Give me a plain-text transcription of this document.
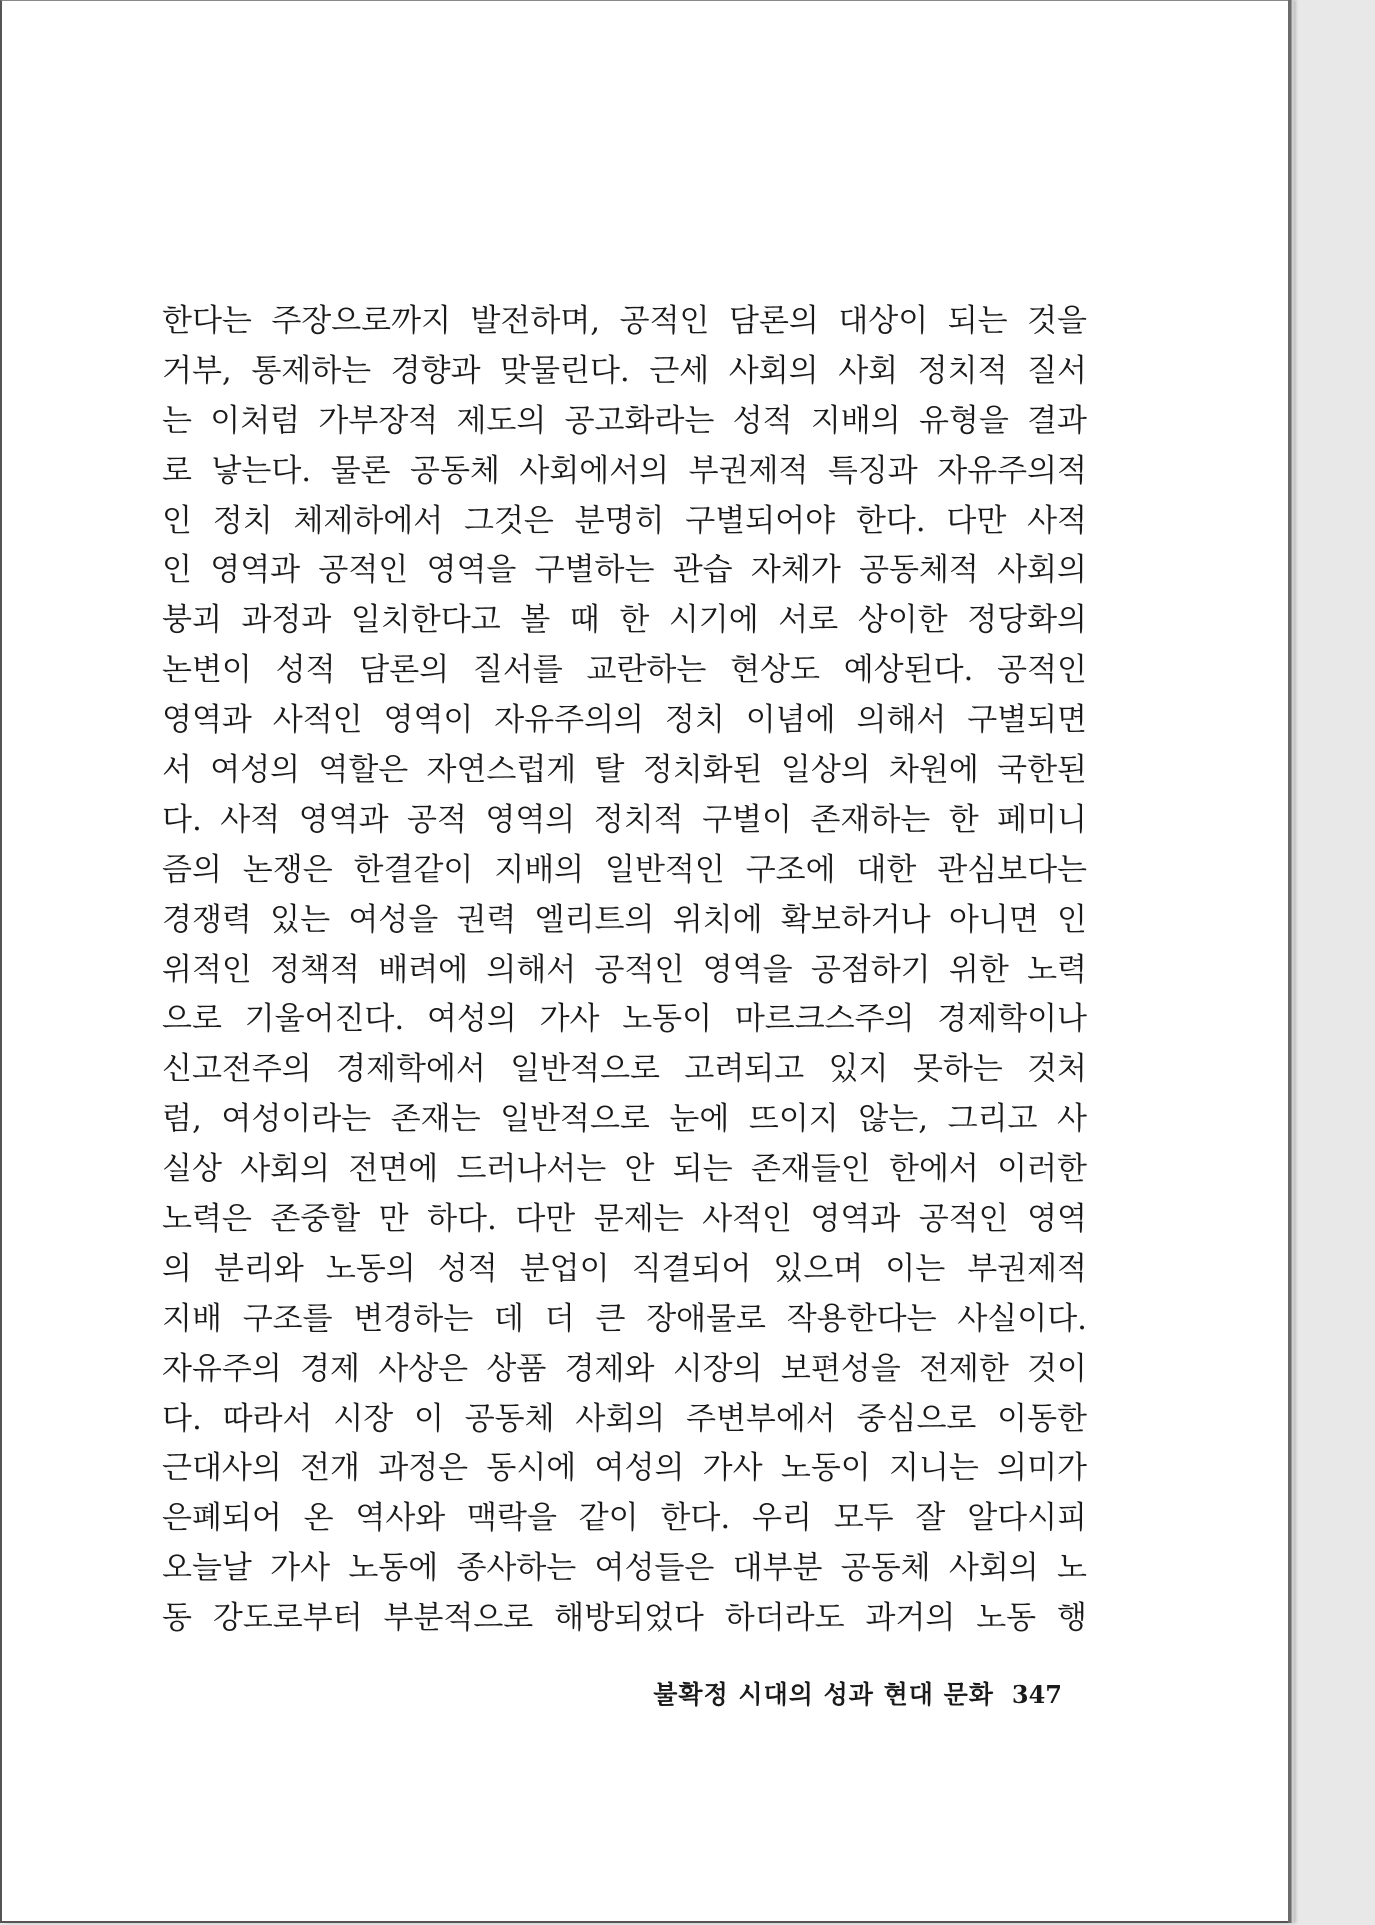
한다는 주장으로까지 발전하며, 공적인 담론의 대상이 되는 것을
거부, 통제하는 경향과 맞물린다. 근세 사회의 사회 정치적 질서
는 이처럼 가부장적 제도의 공고화라는 성적 지배의 유형을 결과
로 낳는다. 물론 공동체 사회에서의 부권제적 특징과 자유주의적
인 정치 체제하에서 그것은 분명히 구별되어야 한다. 다만 사적
인 영역과 공적인 영역을 구별하는 관습 자체가 공동체적 사회의
붕괴 과정과 일치한다고 볼 때 한 시기에 서로 상이한 정당화의
논변이 성적 담론의 질서를 교란하는 현상도 예상된다. 공적인
영역과 사적인 영역이 자유주의의 정치 이념에 의해서 구별되면
서 여성의 역할은 자연스럽게 탈 정치화된 일상의 차원에 국한된
다. 사적 영역과 공적 영역의 정치적 구별이 존재하는 한 페미니
즘의 논쟁은 한결같이 지배의 일반적인 구조에 대한 관심보다는
경쟁력 있는 여성을 권력 엘리트의 위치에 확보하거나 아니면 인
위적인 정책적 배려에 의해서 공적인 영역을 공점하기 위한 노력
으로 기울어진다. 여성의 가사 노동이 마르크스주의 경제학이나
신고전주의 경제학에서 일반적으로 고려되고 있지 못하는 것처
럼, 여성이라는 존재는 일반적으로 눈에 뜨이지 않는, 그리고 사
실상 사회의 전면에 드러나서는 안 되는 존재들인 한에서 이러한
노력은 존중할 만 하다. 다만 문제는 사적인 영역과 공적인 영역
의 분리와 노동의 성적 분업이 직결되어 있으며 이는 부권제적
지배 구조를 변경하는 데 더 큰 장애물로 작용한다는 사실이다.
자유주의 경제 사상은 상품 경제와 시장의 보편성을 전제한 것이
다. 따라서 시장 이 공동체 사회의 주변부에서 중심으로 이동한
근대사의 전개 과정은 동시에 여성의 가사 노동이 지니는 의미가
은폐되어 온 역사와 맥락을 같이 한다. 우리 모두 잘 알다시피
오늘날 가사 노동에 종사하는 여성들은 대부분 공동체 사회의 노
동 강도로부터 부분적으로 해방되었다 하더라도 과거의 노동 행
불확정 시대의 성과 현대 문화 347
